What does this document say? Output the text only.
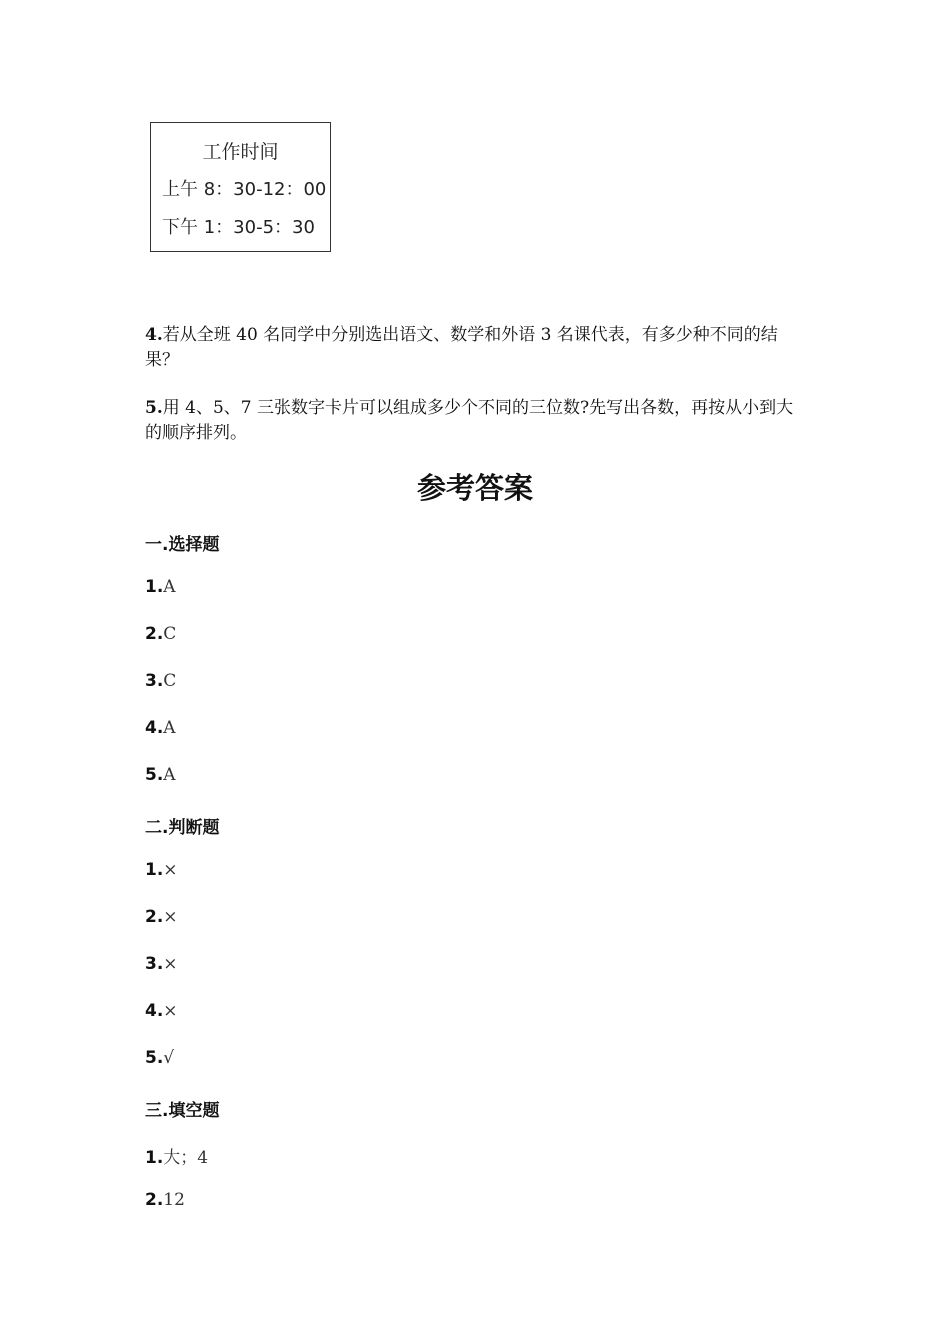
工作时间
上午 8：30-12：00
下午 1：30-5：30
4.若从全班 40 名同学中分别选出语文、数学和外语 3 名课代表，有多少种不同的结果？
5.用 4、5、7 三张数字卡片可以组成多少个不同的三位数?先写出各数，再按从小到大的顺序排列。
参考答案
一.选择题
1.A
2.C
3.C
4.A
5.A
二.判断题
1.×
2.×
3.×
4.×
5.√
三.填空题
1.大；4
2.12
